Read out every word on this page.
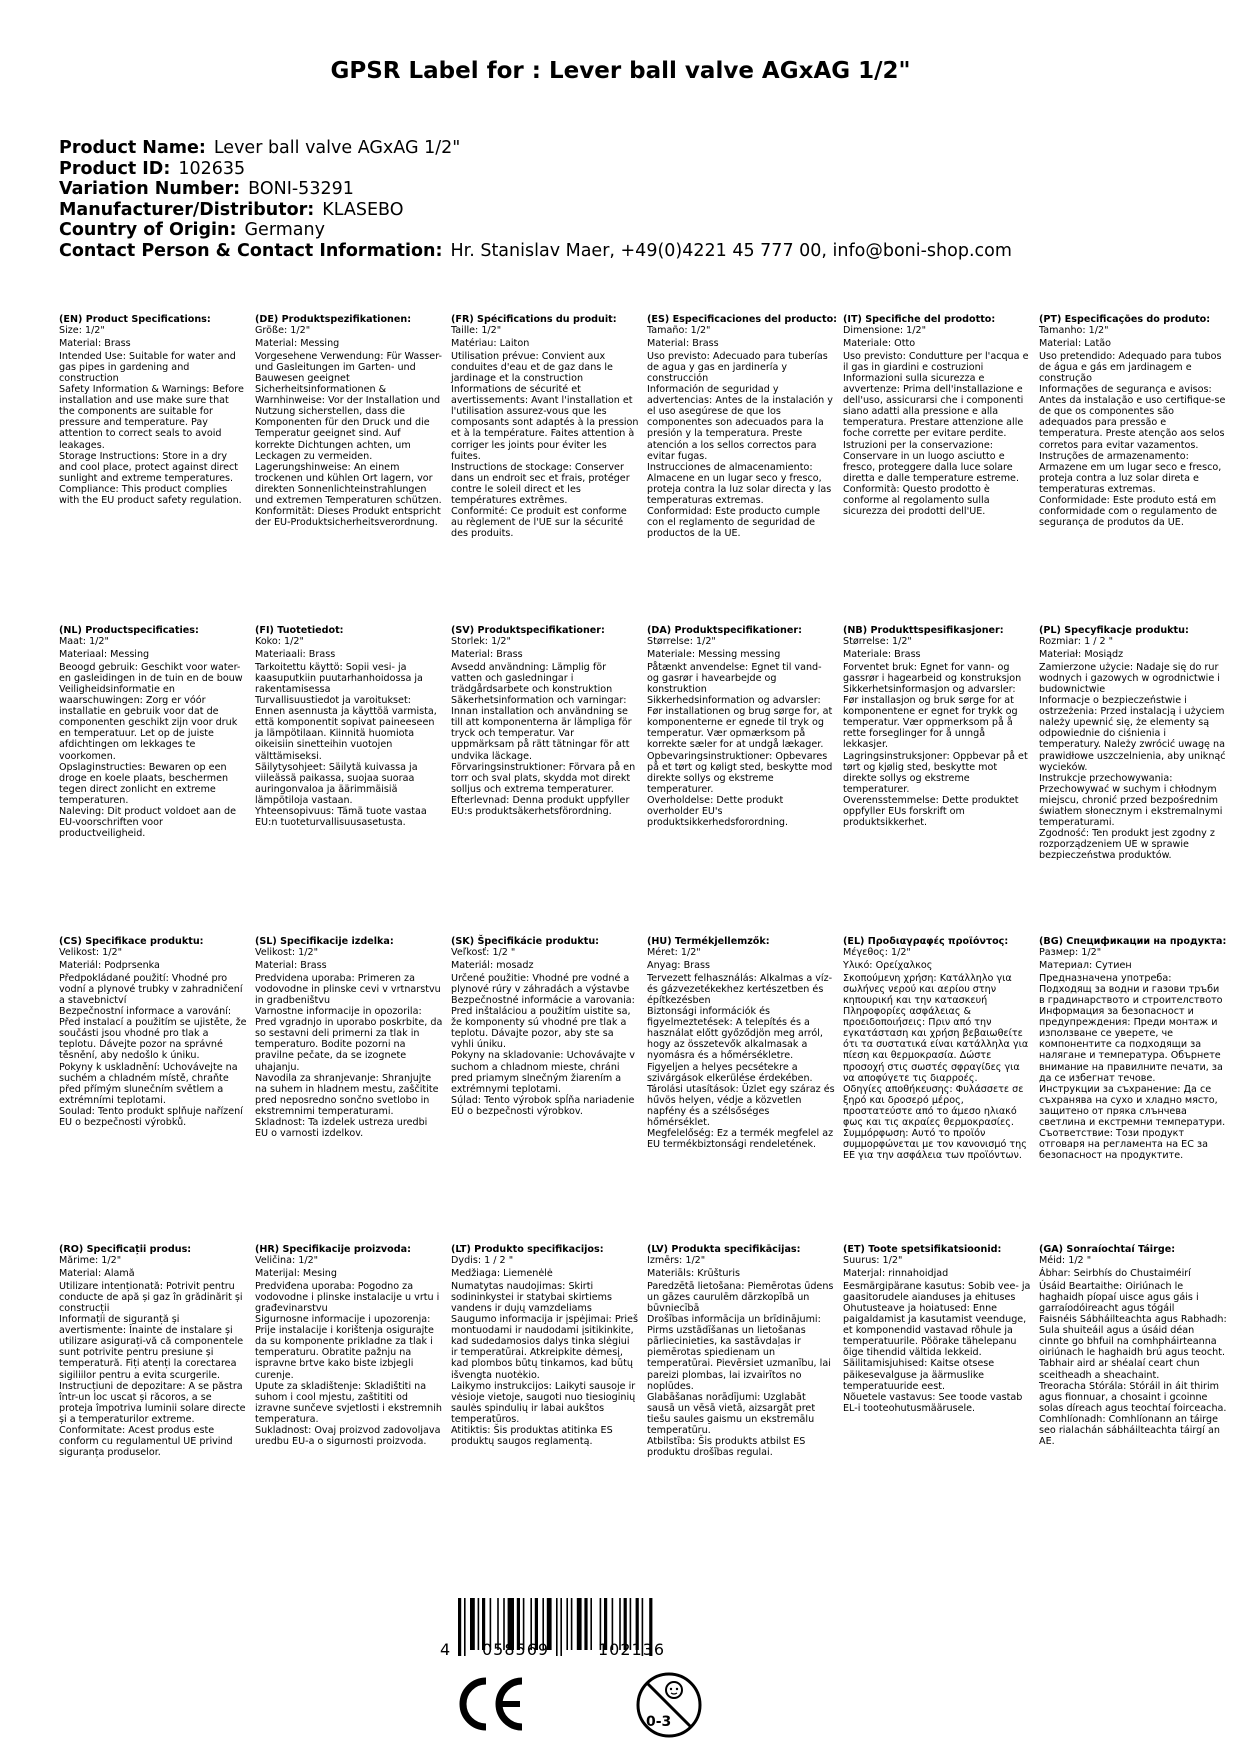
GPSR Label for : Lever ball valve AGxAG 1/2"
Product Name: Lever ball valve AGxAG 1/2"
Product ID: 102635
Variation Number: BONI-53291
Manufacturer/Distributor: KLASEBO
Country of Origin: Germany
Contact Person & Contact Information: Hr. Stanislav Maer, +49(0)4221 45 777 00, info@boni-shop.com
(EN) Product Specifications:
Size: 1/2"
Material: Brass
Intended Use: Suitable for water and gas pipes in gardening and construction
Safety Information & Warnings: Before installation and use make sure that the components are suitable for pressure and temperature. Pay attention to correct seals to avoid leakages.
Storage Instructions: Store in a dry and cool place, protect against direct sunlight and extreme temperatures.
Compliance: This product complies with the EU product safety regulation.
(DE) Produktspezifikationen:
Größe: 1/2"
Material: Messing
Vorgesehene Verwendung: Für Wasser- und Gasleitungen im Garten- und Bauwesen geeignet
Sicherheitsinformationen & Warnhinweise: Vor der Installation und Nutzung sicherstellen, dass die Komponenten für den Druck und die Temperatur geeignet sind. Auf korrekte Dichtungen achten, um Leckagen zu vermeiden.
Lagerungshinweise: An einem trockenen und kühlen Ort lagern, vor direkten Sonnenlichteinstrahlungen und extremen Temperaturen schützen.
Konformität: Dieses Produkt entspricht der EU-Produktsicherheitsverordnung.
(FR) Spécifications du produit:
Taille: 1/2"
Matériau: Laiton
Utilisation prévue: Convient aux conduites d'eau et de gaz dans le jardinage et la construction
Informations de sécurité et avertissements: Avant l'installation et l'utilisation assurez-vous que les composants sont adaptés à la pression et à la température. Faites attention à corriger les joints pour éviter les fuites.
Instructions de stockage: Conserver dans un endroit sec et frais, protéger contre le soleil direct et les températures extrêmes.
Conformité: Ce produit est conforme au règlement de l'UE sur la sécurité des produits.
(ES) Especificaciones del producto:
Tamaño: 1/2"
Material: Brass
Uso previsto: Adecuado para tuberías de agua y gas en jardinería y construcción
Información de seguridad y advertencias: Antes de la instalación y el uso asegúrese de que los componentes son adecuados para la presión y la temperatura. Preste atención a los sellos correctos para evitar fugas.
Instrucciones de almacenamiento: Almacene en un lugar seco y fresco, proteja contra la luz solar directa y las temperaturas extremas.
Conformidad: Este producto cumple con el reglamento de seguridad de productos de la UE.
(IT) Specifiche del prodotto:
Dimensione: 1/2"
Materiale: Otto
Uso previsto: Condutture per l'acqua e il gas in giardini e costruzioni
Informazioni sulla sicurezza e avvertenze: Prima dell'installazione e dell'uso, assicurarsi che i componenti siano adatti alla pressione e alla temperatura. Prestare attenzione alle foche corrette per evitare perdite.
Istruzioni per la conservazione: Conservare in un luogo asciutto e fresco, proteggere dalla luce solare diretta e dalle temperature estreme.
Conformità: Questo prodotto è conforme al regolamento sulla sicurezza dei prodotti dell'UE.
(PT) Especificações do produto:
Tamanho: 1/2"
Material: Latão
Uso pretendido: Adequado para tubos de água e gás em jardinagem e construção
Informações de segurança e avisos: Antes da instalação e uso certifique-se de que os componentes são adequados para pressão e temperatura. Preste atenção aos selos corretos para evitar vazamentos.
Instruções de armazenamento: Armazene em um lugar seco e fresco, proteja contra a luz solar direta e temperaturas extremas.
Conformidade: Este produto está em conformidade com o regulamento de segurança de produtos da UE.
(NL) Productspecificaties:
Maat: 1/2"
Materiaal: Messing
Beoogd gebruik: Geschikt voor water- en gasleidingen in de tuin en de bouw
Veiligheidsinformatie en waarschuwingen: Zorg er vóór installatie en gebruik voor dat de componenten geschikt zijn voor druk en temperatuur. Let op de juiste afdichtingen om lekkages te voorkomen.
Opslaginstructies: Bewaren op een droge en koele plaats, beschermen tegen direct zonlicht en extreme temperaturen.
Naleving: Dit product voldoet aan de EU-voorschriften voor productveiligheid.
(FI) Tuotetiedot:
Koko: 1/2"
Materiaali: Brass
Tarkoitettu käyttö: Sopii vesi- ja kaasuputkiin puutarhanhoidossa ja rakentamisessa
Turvallisuustiedot ja varoitukset: Ennen asennusta ja käyttöä varmista, että komponentit sopivat paineeseen ja lämpötilaan. Kiinnitä huomiota oikeisiin sinetteihin vuotojen välttämiseksi.
Säilytysohjeet: Säilytä kuivassa ja viileässä paikassa, suojaa suoraa auringonvaloa ja äärimmäisiä lämpötiloja vastaan.
Yhteensopivuus: Tämä tuote vastaa EU:n tuoteturvallisuusasetusta.
(SV) Produktspecifikationer:
Storlek: 1/2"
Material: Brass
Avsedd användning: Lämplig för vatten och gasledningar i trädgårdsarbete och konstruktion
Säkerhetsinformation och varningar: Innan installation och användning se till att komponenterna är lämpliga för tryck och temperatur. Var uppmärksam på rätt tätningar för att undvika läckage.
Förvaringsinstruktioner: Förvara på en torr och sval plats, skydda mot direkt solljus och extrema temperaturer.
Efterlevnad: Denna produkt uppfyller EU:s produktsäkerhetsförordning.
(DA) Produktspecifikationer:
Størrelse: 1/2"
Materiale: Messing messing
Påtænkt anvendelse: Egnet til vand- og gasrør i havearbejde og konstruktion
Sikkerhedsinformation og advarsler: Før installationen og brug sørge for, at komponenterne er egnede til tryk og temperatur. Vær opmærksom på korrekte sæler for at undgå lækager.
Opbevaringsinstruktioner: Opbevares på et tørt og køligt sted, beskytte mod direkte sollys og ekstreme temperaturer.
Overholdelse: Dette produkt overholder EU's produktsikkerhedsforordning.
(NB) Produkttspesifikasjoner:
Størrelse: 1/2"
Materiale: Brass
Forventet bruk: Egnet for vann- og gassrør i hagearbeid og konstruksjon
Sikkerhetsinformasjon og advarsler: Før installasjon og bruk sørge for at komponentene er egnet for trykk og temperatur. Vær oppmerksom på å rette forseglinger for å unngå lekkasjer.
Lagringsinstruksjoner: Oppbevar på et tørt og kjølig sted, beskytte mot direkte sollys og ekstreme temperaturer.
Overensstemmelse: Dette produktet oppfyller EUs forskrift om produktsikkerhet.
(PL) Specyfikacje produktu:
Rozmiar: 1 / 2 "
Materiał: Mosiądz
Zamierzone użycie: Nadaje się do rur wodnych i gazowych w ogrodnictwie i budownictwie
Informacje o bezpieczeństwie i ostrzeżenia: Przed instalacją i użyciem należy upewnić się, że elementy są odpowiednie do ciśnienia i temperatury. Należy zwrócić uwagę na prawidłowe uszczelnienia, aby uniknąć wycieków.
Instrukcje przechowywania: Przechowywać w suchym i chłodnym miejscu, chronić przed bezpośrednim światłem słonecznym i ekstremalnymi temperaturami.
Zgodność: Ten produkt jest zgodny z rozporządzeniem UE w sprawie bezpieczeństwa produktów.
(CS) Specifikace produktu:
Velikost: 1/2"
Materiál: Podprsenka
Předpokládané použití: Vhodné pro vodní a plynové trubky v zahradničení a stavebnictví
Bezpečnostní informace a varování: Před instalací a použitím se ujistěte, že součásti jsou vhodné pro tlak a teplotu. Dávejte pozor na správné těsnění, aby nedošlo k úniku.
Pokyny k uskladnění: Uchovávejte na suchém a chladném místě, chraňte před přímým slunečním světlem a extrémními teplotami.
Soulad: Tento produkt splňuje nařízení EU o bezpečnosti výrobků.
(SL) Specifikacije izdelka:
Velikost: 1/2"
Material: Brass
Predvidena uporaba: Primeren za vodovodne in plinske cevi v vrtnarstvu in gradbeništvu
Varnostne informacije in opozorila: Pred vgradnjo in uporabo poskrbite, da so sestavni deli primerni za tlak in temperaturo. Bodite pozorni na pravilne pečate, da se izognete uhajanju.
Navodila za shranjevanje: Shranjujte na suhem in hladnem mestu, zaščitite pred neposredno sončno svetlobo in ekstremnimi temperaturami.
Skladnost: Ta izdelek ustreza uredbi EU o varnosti izdelkov.
(SK) Špecifikácie produktu:
Veľkosť: 1/2 "
Materiál: mosadz
Určené použitie: Vhodné pre vodné a plynové rúry v záhradách a výstavbe
Bezpečnostné informácie a varovania: Pred inštaláciou a použitím uistite sa, že komponenty sú vhodné pre tlak a teplotu. Dávajte pozor, aby ste sa vyhli úniku.
Pokyny na skladovanie: Uchovávajte v suchom a chladnom mieste, chráni pred priamym slnečným žiarením a extrémnymi teplotami.
Súlad: Tento výrobok spĺňa nariadenie EÚ o bezpečnosti výrobkov.
(HU) Termékjellemzők:
Méret: 1/2"
Anyag: Brass
Tervezett felhasználás: Alkalmas a víz- és gázvezetékekhez kertészetben és építkezésben
Biztonsági információk és figyelmeztetések: A telepítés és a használat előtt győződjön meg arról, hogy az összetevők alkalmasak a nyomásra és a hőmérsékletre. Figyeljen a helyes pecsétekre a szivárgások elkerülése érdekében.
Tárolási utasítások: Üzlet egy száraz és hűvös helyen, védje a közvetlen napfény és a szélsőséges hőmérséklet.
Megfelelőség: Ez a termék megfelel az EU termékbiztonsági rendeletének.
(EL) Προδιαγραφές προϊόντος:
Μέγεθος: 1/2"
Υλικό: Ορείχαλκος
Σκοπούμενη χρήση: Κατάλληλο για σωλήνες νερού και αερίου στην κηπουρική και την κατασκευή
Πληροφορίες ασφάλειας & προειδοποιήσεις: Πριν από την εγκατάσταση και χρήση βεβαιωθείτε ότι τα συστατικά είναι κατάλληλα για πίεση και θερμοκρασία. Δώστε προσοχή στις σωστές σφραγίδες για να αποφύγετε τις διαρροές.
Οδηγίες αποθήκευσης: Φυλάσσετε σε ξηρό και δροσερό μέρος, προστατεύστε από το άμεσο ηλιακό φως και τις ακραίες θερμοκρασίες.
Συμμόρφωση: Αυτό το προϊόν συμμορφώνεται με τον κανονισμό της ΕΕ για την ασφάλεια των προϊόντων.
(BG) Спецификации на продукта:
Размер: 1/2"
Материал: Сутиен
Предназначена употреба: Подходящ за водни и газови тръби в градинарството и строителството
Информация за безопасност и предупреждения: Преди монтаж и използване се уверете, че компонентите са подходящи за налягане и температура. Обърнете внимание на правилните печати, за да се избегнат течове.
Инструкции за съхранение: Да се съхранява на сухо и хладно място, защитено от пряка слънчева светлина и екстремни температури.
Съответствие: Този продукт отговаря на регламента на ЕС за безопасност на продуктите.
(RO) Specificații produs:
Mărime: 1/2"
Material: Alamă
Utilizare intenționată: Potrivit pentru conducte de apă și gaz în grădinărit și construcții
Informații de siguranță și avertismente: Înainte de instalare și utilizare asigurați-vă că componentele sunt potrivite pentru presiune și temperatură. Fiți atenți la corectarea sigiliilor pentru a evita scurgerile.
Instrucțiuni de depozitare: A se păstra într-un loc uscat și răcoros, a se proteja împotriva luminii solare directe și a temperaturilor extreme.
Conformitate: Acest produs este conform cu regulamentul UE privind siguranța produselor.
(HR) Specifikacije proizvoda:
Veličina: 1/2"
Materijal: Mesing
Predviđena uporaba: Pogodno za vodovodne i plinske instalacije u vrtu i građevinarstvu
Sigurnosne informacije i upozorenja: Prije instalacije i korištenja osigurajte da su komponente prikladne za tlak i temperaturu. Obratite pažnju na ispravne brtve kako biste izbjegli curenje.
Upute za skladištenje: Skladištiti na suhom i cool mjestu, zaštititi od izravne sunčeve svjetlosti i ekstremnih temperatura.
Sukladnost: Ovaj proizvod zadovoljava uredbu EU-a o sigurnosti proizvoda.
(LT) Produkto specifikacijos:
Dydis: 1 / 2 "
Medžiaga: Liemenėlė
Numatytas naudojimas: Skirti sodininkystei ir statybai skirtiems vandens ir dujų vamzdeliams
Saugumo informacija ir įspėjimai: Prieš montuodami ir naudodami įsitikinkite, kad sudedamosios dalys tinka slėgiui ir temperatūrai. Atkreipkite dėmesį, kad plombos būtų tinkamos, kad būtų išvengta nuotėkio.
Laikymo instrukcijos: Laikyti sausoje ir vėsioje vietoje, saugoti nuo tiesioginių saulės spindulių ir labai aukštos temperatūros.
Atitiktis: Šis produktas atitinka ES produktų saugos reglamentą.
(LV) Produkta specifikācijas:
Izmērs: 1/2"
Materiāls: Krūšturis
Paredzētā lietošana: Piemērotas ūdens un gāzes caurulēm dārzkopībā un būvniecībā
Drošības informācija un brīdinājumi: Pirms uzstādīšanas un lietošanas pārliecinieties, ka sastāvdaļas ir piemērotas spiedienam un temperatūrai. Pievērsiet uzmanību, lai pareizi plombas, lai izvairītos no noplūdes.
Glabāšanas norādījumi: Uzglabāt sausā un vēsā vietā, aizsargāt pret tiešu saules gaismu un ekstremālu temperatūru.
Atbilstība: Šis produkts atbilst ES produktu drošības regulai.
(ET) Toote spetsifikatsioonid:
Suurus: 1/2"
Materjal: rinnahoidjad
Eesmärgipärane kasutus: Sobib vee- ja gaasitorudele aianduses ja ehituses
Ohutusteave ja hoiatused: Enne paigaldamist ja kasutamist veenduge, et komponendid vastavad rõhule ja temperatuurile. Pöörake tähelepanu õige tihendid vältida lekkeid.
Säilitamisjuhised: Kaitse otsese päikesevalguse ja äärmuslike temperatuuride eest.
Nõuetele vastavus: See toode vastab EL-i tooteohutusmäärusele.
(GA) Sonraíochtaí Táirge:
Méid: 1/2 "
Ábhar: Seirbhís do Chustaiméirí
Úsáid Beartaithe: Oiriúnach le haghaidh píopaí uisce agus gáis i garraíodóireacht agus tógáil
Faisnéis Sábháilteachta agus Rabhadh: Sula shuiteáil agus a úsáid déan cinnte go bhfuil na comhpháirteanna oiriúnach le haghaidh brú agus teocht. Tabhair aird ar shéalaí ceart chun sceitheadh a sheachaint.
Treoracha Stórála: Stóráil in áit thirim agus fionnuar, a chosaint i gcoinne solas díreach agus teochtaí foirceacha.
Comhlíonadh: Comhlíonann an táirge seo rialachán sábháilteachta táirgí an AE.
4 058569	102136
0-3
